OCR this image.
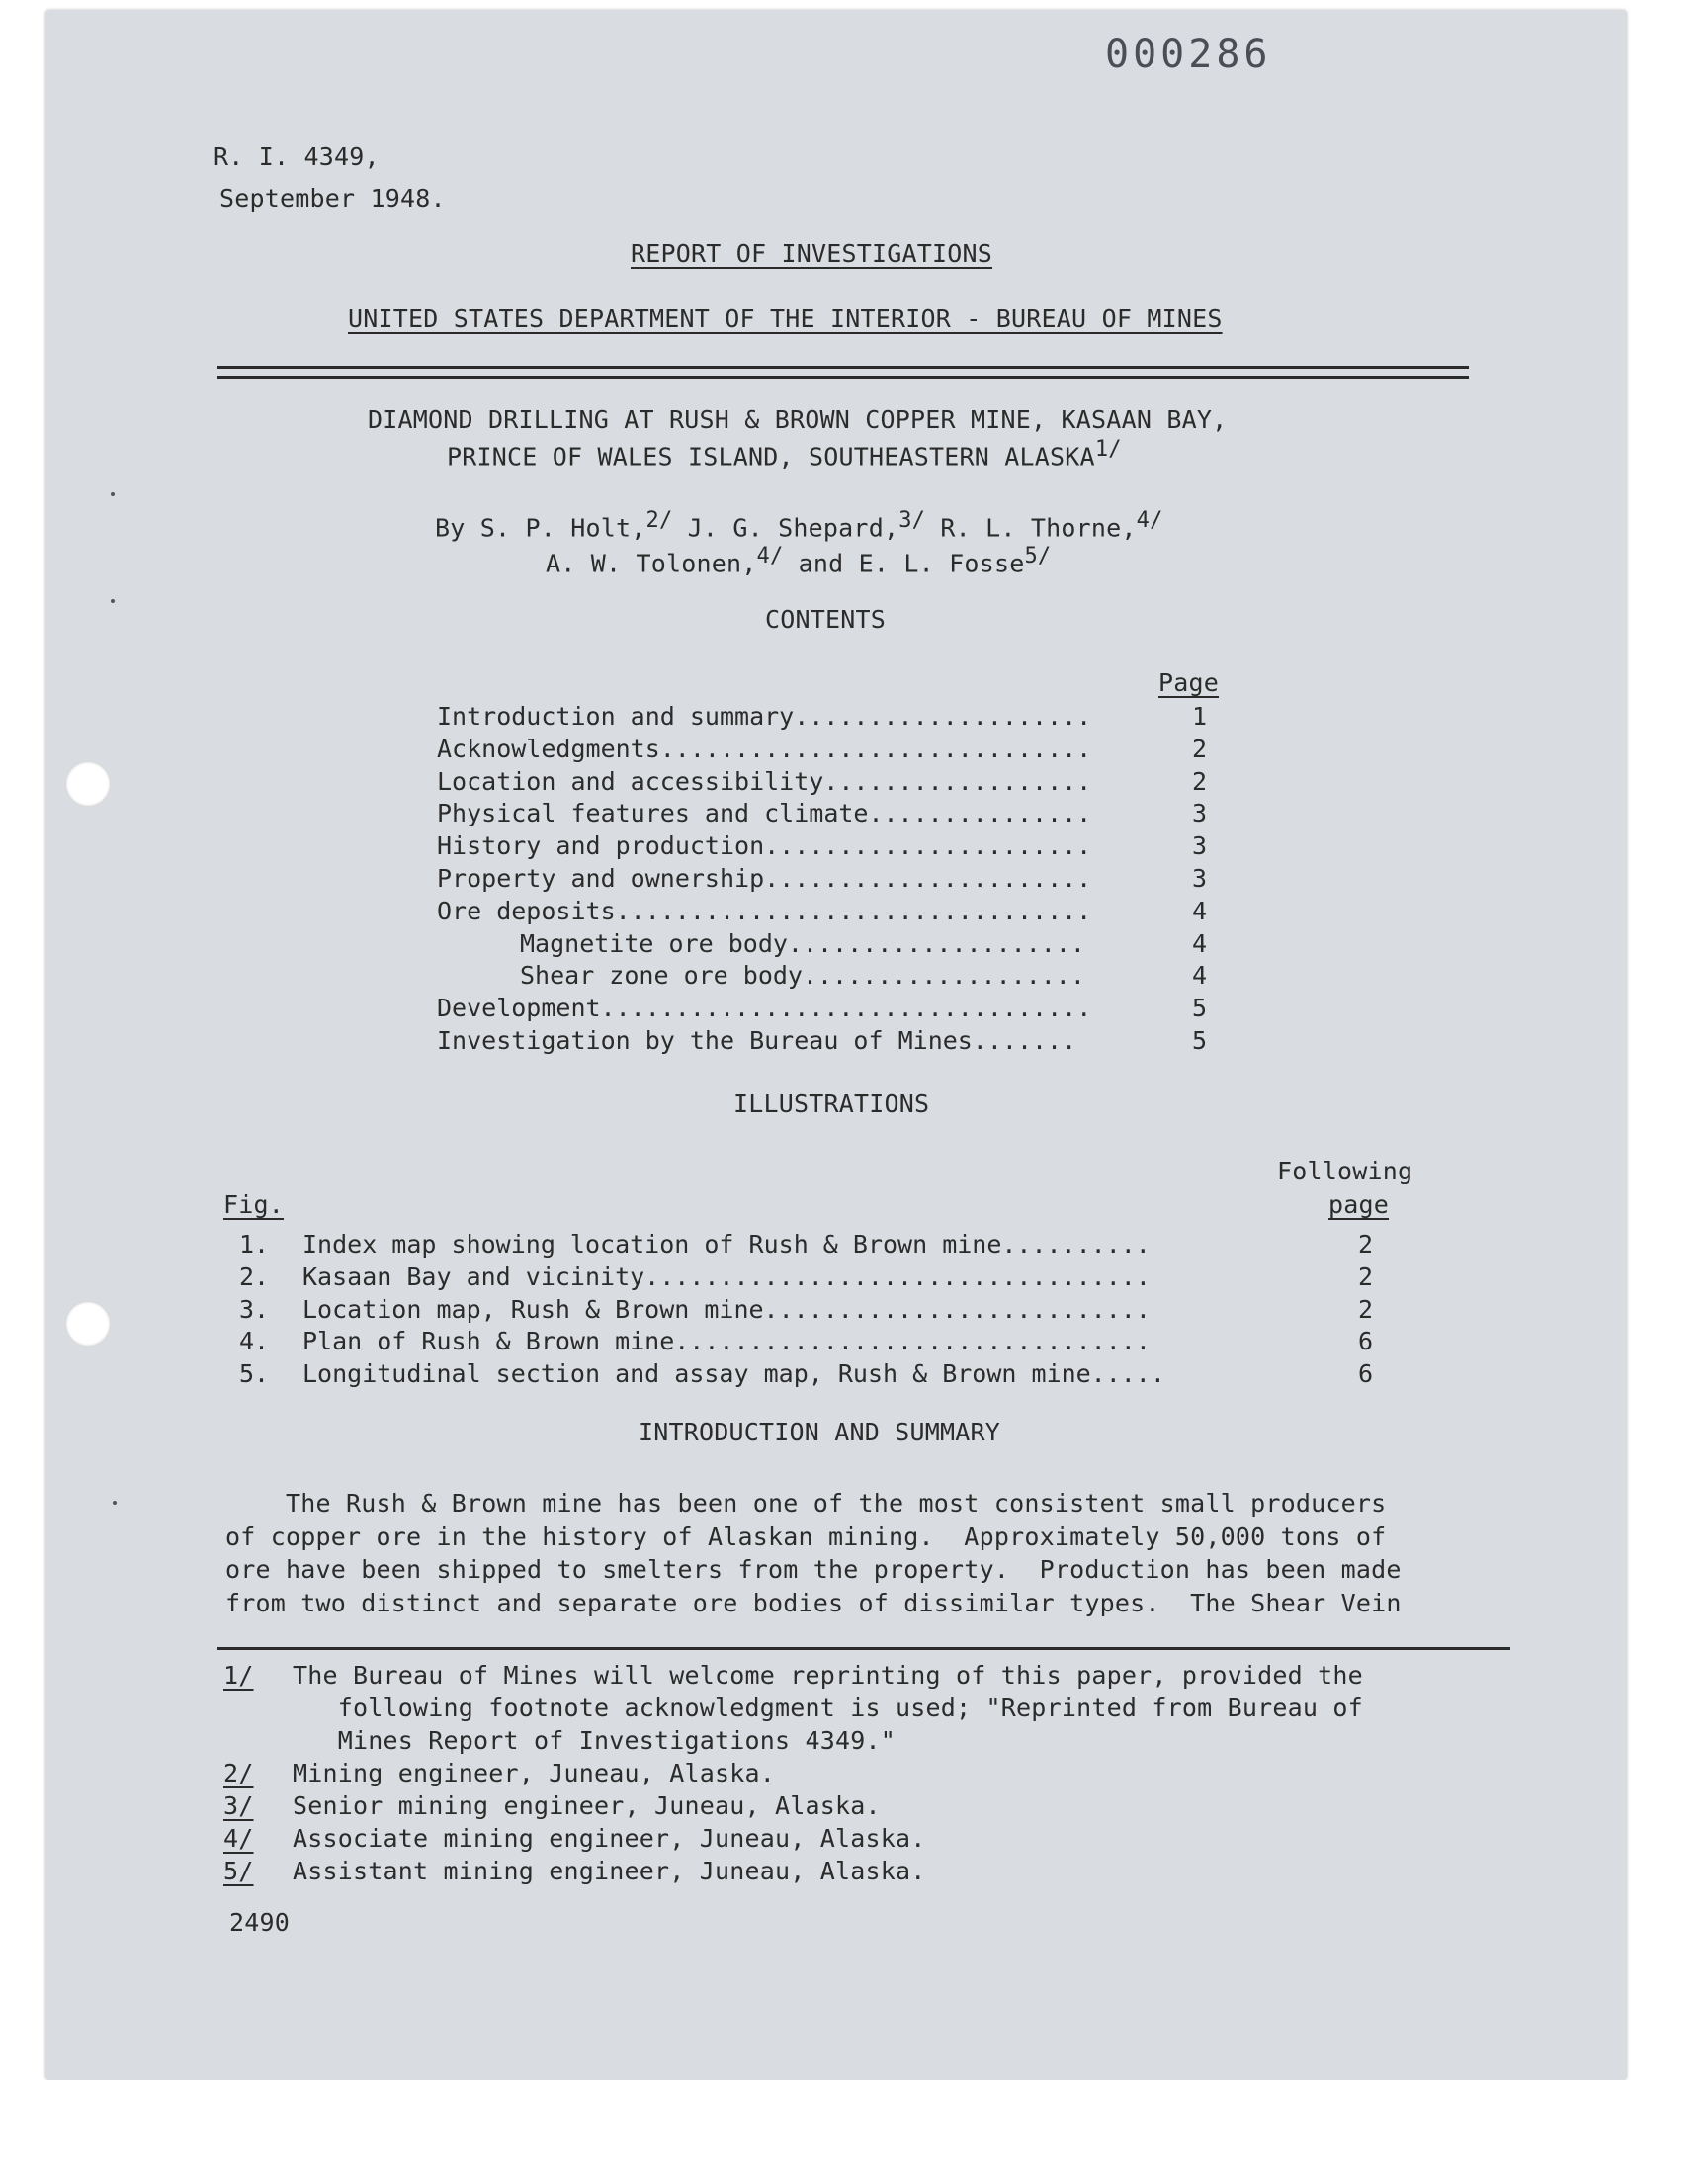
000286
R. I. 4349,
September 1948.
REPORT OF INVESTIGATIONS
UNITED STATES DEPARTMENT OF THE INTERIOR - BUREAU OF MINES
DIAMOND DRILLING AT RUSH & BROWN COPPER MINE, KASAAN BAY,
PRINCE OF WALES ISLAND, SOUTHEASTERN $ALASKA^{1/}$
By S. P. Holt,$^{2/}$ J. G. Shepard,$^{3/}$ R. L. Thorne,$^{4/}$
A. W. Tolonen,$^{4/}$ and E. L. Fosse$^{5/}$
CONTENTS
Page
Introduction and summary ....................	1
Acknowledgments .............................	2
Location and accessibility ..................	2
Physical features and climate ...............	3
History and production ......................	3
Property and ownership ......................	3
Ore deposits ................................	4
Magnetite ore body ....................	4
Shear zone ore body ...................	4
Development .................................	5
Investigation by the Bureau of Mines .......	5
ILLUSTRATIONS
Following
Fig.	page
1. Index map showing location of Rush & Brown mine ..........	2
2. Kasaan Bay and vicinity ..................................	2
3. Location map, Rush & Brown mine ..........................	2
4. Plan of Rush & Brown mine ................................	6
5. Longitudinal section and assay map, Rush & Brown mine .....	6
INTRODUCTION AND SUMMARY
The Rush & Brown mine has been one of the most consistent small producers
of copper ore in the history of Alaskan mining.  Approximately 50,000 tons of
ore have been shipped to smelters from the property.  Production has been made
from two distinct and separate ore bodies of dissimilar types.  The Shear Vein
1/ The Bureau of Mines will welcome reprinting of this paper, provided the
following footnote acknowledgment is used; "Reprinted from Bureau of
Mines Report of Investigations 4349."
2/ Mining engineer, Juneau, Alaska.
3/ Senior mining engineer, Juneau, Alaska.
4/ Associate mining engineer, Juneau, Alaska.
5/ Assistant mining engineer, Juneau, Alaska.
2490
